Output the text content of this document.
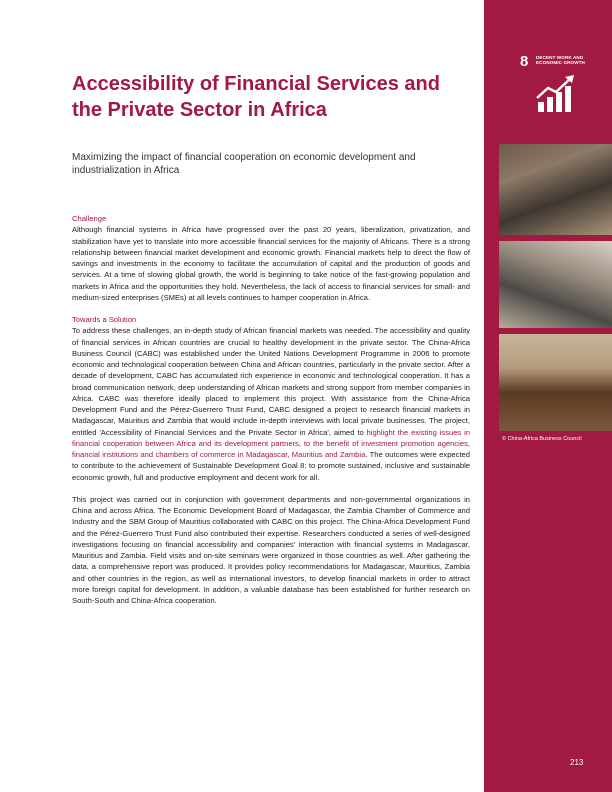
8 DECENT WORK AND ECONOMIC GROWTH
© China-Africa Business Council
Accessibility of Financial Services and the Private Sector in Africa
Maximizing the impact of financial cooperation on economic development and industrialization in Africa

Challenge

Although financial systems in Africa have progressed over the past 20 years, liberalization, privatization, and stabilization have yet to translate into more accessible financial services for the majority of Africans. There is a strong relationship between financial market development and economic growth. Financial markets help to direct the flow of savings and investments in the economy to facilitate the accumulation of capital and the production of goods and services. At a time of slowing global growth, the world is beginning to take notice of the fast-growing population and markets in Africa and the opportunities they hold. Nevertheless, the lack of access to financial services for small- and medium-sized enterprises (SMEs) at all levels continues to hamper cooperation in Africa.

Towards a Solution

To address these challenges, an in-depth study of African financial markets was needed. The accessibility and quality of financial services in African countries are crucial to healthy development in the private sector. The China-Africa Business Council (CABC) was established under the United Nations Development Programme in 2006 to promote economic and technological cooperation between China and African countries, particularly in the private sector. After a decade of development, CABC has accumulated rich experience in economic and technological cooperation. It has a broad communication network, deep understanding of African markets and strong support from member companies in Africa. CABC was therefore ideally placed to implement this project. With assistance from the China-Africa Development Fund and the Pérez-Guerrero Trust Fund, CABC designed a project to research financial markets in Madagascar, Mauritius and Zambia that would include in-depth interviews with local private businesses. The project, entitled 'Accessibility of Financial Services and the Private Sector in Africa', aimed to highlight the existing issues in financial cooperation between Africa and its development partners, to the benefit of investment promotion agencies, financial institutions and chambers of commerce in Madagascar, Mauritius and Zambia. The outcomes were expected to contribute to the achievement of Sustainable Development Goal 8: to promote sustained, inclusive and sustainable economic growth, full and productive employment and decent work for all.

This project was carried out in conjunction with government departments and non-governmental organizations in China and across Africa. The Economic Development Board of Madagascar, the Zambia Chamber of Commerce and Industry and the SBM Group of Mauritius collaborated with CABC on this project. The China-Africa Development Fund and the Pérez-Guerrero Trust Fund also contributed their expertise. Researchers conducted a series of well-designed investigations focusing on financial accessibility and companies' interaction with financial systems in Madagascar, Mauritius and Zambia. Field visits and on-site seminars were organized in those countries as well. After gathering the data, a comprehensive report was produced. It provides policy recommendations for Madagascar, Mauritius, Zambia and other countries in the region, as well as international investors, to develop financial markets in order to attract more foreign capital for development. In addition, a valuable database has been established for further research on South-South and China-Africa cooperation.

213
